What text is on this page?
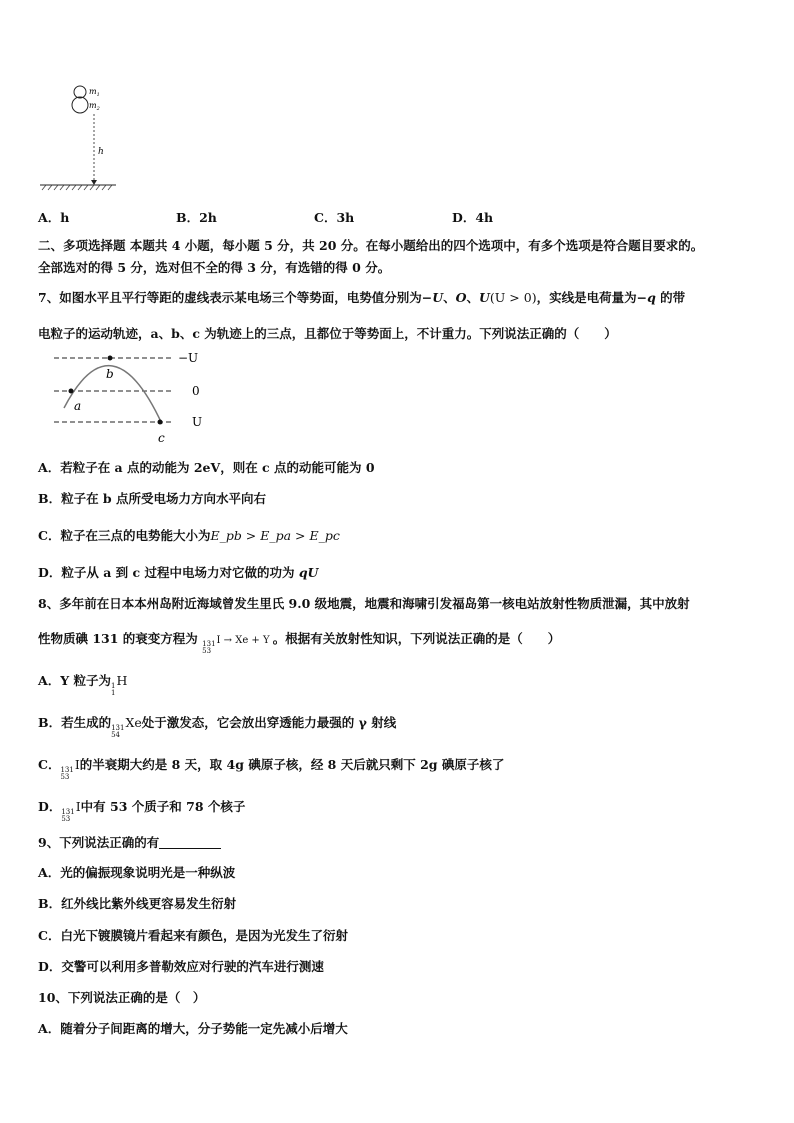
$m_1$
$m_2$
h
A．h	B．2h	C．3h	D．4h
二、多项选择题 本题共 4 小题，每小题 5 分，共 20 分。在每小题给出的四个选项中，有多个选项是符合题目要求的。
全部选对的得 5 分，选对但不全的得 3 分，有选错的得 0 分。
7、如图水平且平行等距的虚线表示某电场三个等势面，电势值分别为−U、O、U(U > 0)，实线是电荷量为−q 的带
电粒子的运动轨迹，a、b、c 为轨迹上的三点，且都位于等势面上，不计重力。下列说法正确的（　　）
−U
0
U
a
b
c
A．若粒子在 a 点的动能为 2eV，则在 c 点的动能可能为 0
B．粒子在 b 点所受电场力方向水平向右
C．粒子在三点的电势能大小为E_pb > E_pa > E_pc
D．粒子从 a 到 c 过程中电场力对它做的功为 qU
8、多年前在日本本州岛附近海域曾发生里氏 9.0 级地震，地震和海啸引发福岛第一核电站放射性物质泄漏，其中放射
性物质碘 131 的衰变方程为 131
53
I → Xe + Y 。根据有关放射性知识，下列说法正确的是（　　）
A．Y 粒子为 1
1
H
B．若生成的 131
54
Xe处于激发态，它会放出穿透能力最强的 γ 射线
C． 131
53
I的半衰期大约是 8 天，取 4g 碘原子核，经 8 天后就只剩下 2g 碘原子核了
D． 131
53
I中有 53 个质子和 78 个核子
9、下列说法正确的有
A．光的偏振现象说明光是一种纵波
B．红外线比紫外线更容易发生衍射
C．白光下镀膜镜片看起来有颜色，是因为光发生了衍射
D．交警可以利用多普勒效应对行驶的汽车进行测速
10、下列说法正确的是（　）
A．随着分子间距离的增大，分子势能一定先减小后增大
